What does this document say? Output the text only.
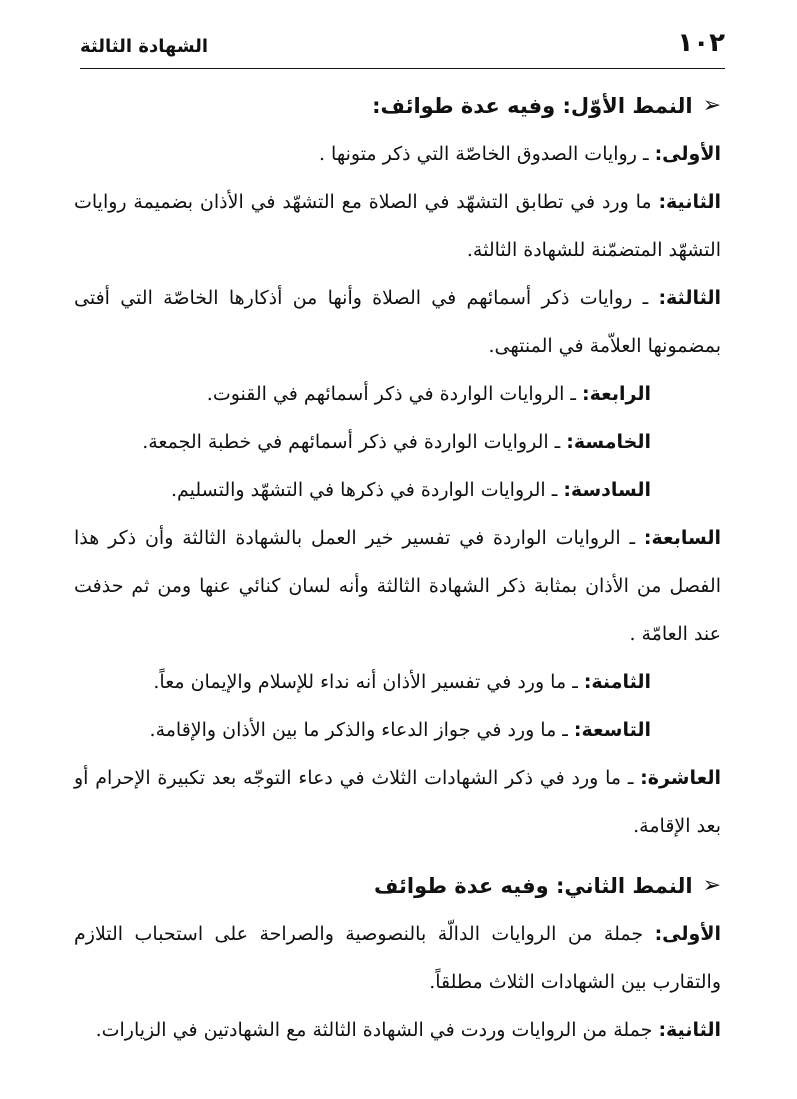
١٠٢
الشهادة الثالثة

➢
النمط الأوّل: وفيه عدة طوائف:

الأولى: ـ روايات الصدوق الخاصّة التي ذكر متونها .

الثانية: ما ورد في تطابق التشهّد في الصلاة مع التشهّد في الأذان بضميمة روايات التشهّد المتضمّنة للشهادة الثالثة.

الثالثة: ـ روايات ذكر أسمائهم في الصلاة وأنها من أذكارها الخاصّة التي أفتى بمضمونها العلاّمة في المنتهى.

الرابعة: ـ الروايات الواردة في ذكر أسمائهم في القنوت.

الخامسة: ـ الروايات الواردة في ذكر أسمائهم في خطبة الجمعة.

السادسة: ـ الروايات الواردة في ذكرها في التشهّد والتسليم.

السابعة: ـ الروايات الواردة في تفسير خير العمل بالشهادة الثالثة وأن ذكر هذا الفصل من الأذان بمثابة ذكر الشهادة الثالثة وأنه لسان كنائي عنها ومن ثم حذفت عند العامّة .

الثامنة: ـ ما ورد في تفسير الأذان أنه نداء للإسلام والإيمان معاً.

التاسعة: ـ ما ورد في جواز الدعاء والذكر ما بين الأذان والإقامة.

العاشرة: ـ ما ورد في ذكر الشهادات الثلاث في دعاء التوجّه بعد تكبيرة الإحرام أو بعد الإقامة.

➢
النمط الثاني: وفيه عدة طوائف

الأولى: جملة من الروايات الدالّة بالنصوصية والصراحة على استحباب التلازم والتقارب بين الشهادات الثلاث مطلقاً.

الثانية: جملة من الروايات وردت في الشهادة الثالثة مع الشهادتين في الزيارات.
